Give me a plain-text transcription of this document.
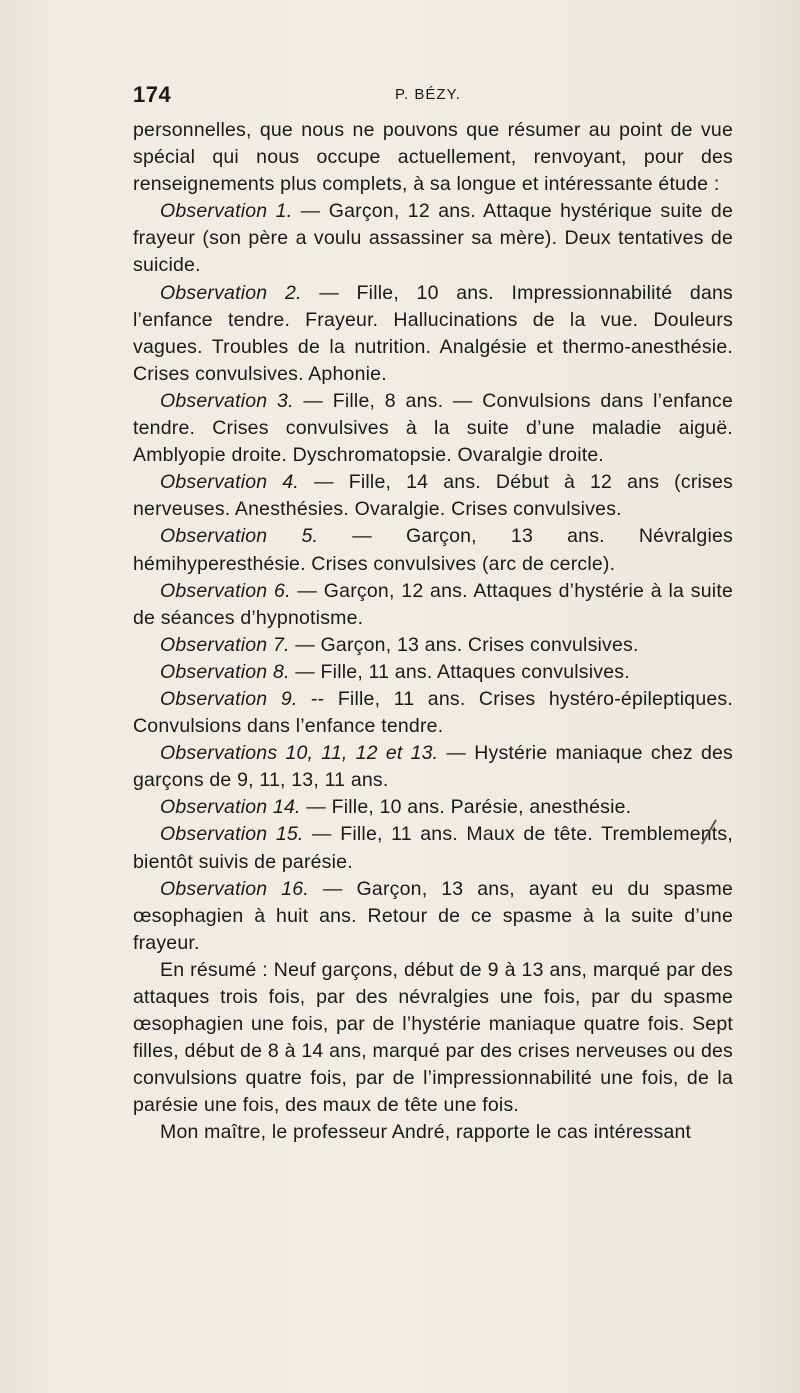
174	P. BÉZY.

personnelles, que nous ne pouvons que résumer au point de vue spécial qui nous occupe actuellement, renvoyant, pour des renseignements plus complets, à sa longue et intéressante étude :

Observation 1. — Garçon, 12 ans. Attaque hystérique suite de frayeur (son père a voulu assassiner sa mère). Deux tentatives de suicide.

Observation 2. — Fille, 10 ans. Impressionnabilité dans l’enfance tendre. Frayeur. Hallucinations de la vue. Douleurs vagues. Troubles de la nutrition. Analgésie et thermo-anesthésie. Crises convulsives. Aphonie.

Observation 3. — Fille, 8 ans. — Convulsions dans l’enfance tendre. Crises convulsives à la suite d’une maladie aiguë. Amblyopie droite. Dyschromatopsie. Ovaralgie droite.

Observation 4. — Fille, 14 ans. Début à 12 ans (crises nerveuses. Anesthésies. Ovaralgie. Crises convulsives.

Observation 5. — Garçon, 13 ans. Névralgies hémihyperesthésie. Crises convulsives (arc de cercle).

Observation 6. — Garçon, 12 ans. Attaques d’hystérie à la suite de séances d’hypnotisme.

Observation 7. — Garçon, 13 ans. Crises convulsives.

Observation 8. — Fille, 11 ans. Attaques convulsives.

Observation 9. -- Fille, 11 ans. Crises hystéro-épileptiques. Convulsions dans l’enfance tendre.

Observations 10, 11, 12 et 13. — Hystérie maniaque chez des garçons de 9, 11, 13, 11 ans.

Observation 14. — Fille, 10 ans. Parésie, anesthésie.

Observation 15. — Fille, 11 ans. Maux de tête. Tremblements, bientôt suivis de parésie.

Observation 16. — Garçon, 13 ans, ayant eu du spasme œsophagien à huit ans. Retour de ce spasme à la suite d’une frayeur.

En résumé : Neuf garçons, début de 9 à 13 ans, marqué par des attaques trois fois, par des névralgies une fois, par du spasme œsophagien une fois, par de l’hystérie maniaque quatre fois. Sept filles, début de 8 à 14 ans, marqué par des crises nerveuses ou des convulsions quatre fois, par de l’impressionnabilité une fois, de la parésie une fois, des maux de tête une fois.

Mon maître, le professeur André, rapporte le cas intéressant
